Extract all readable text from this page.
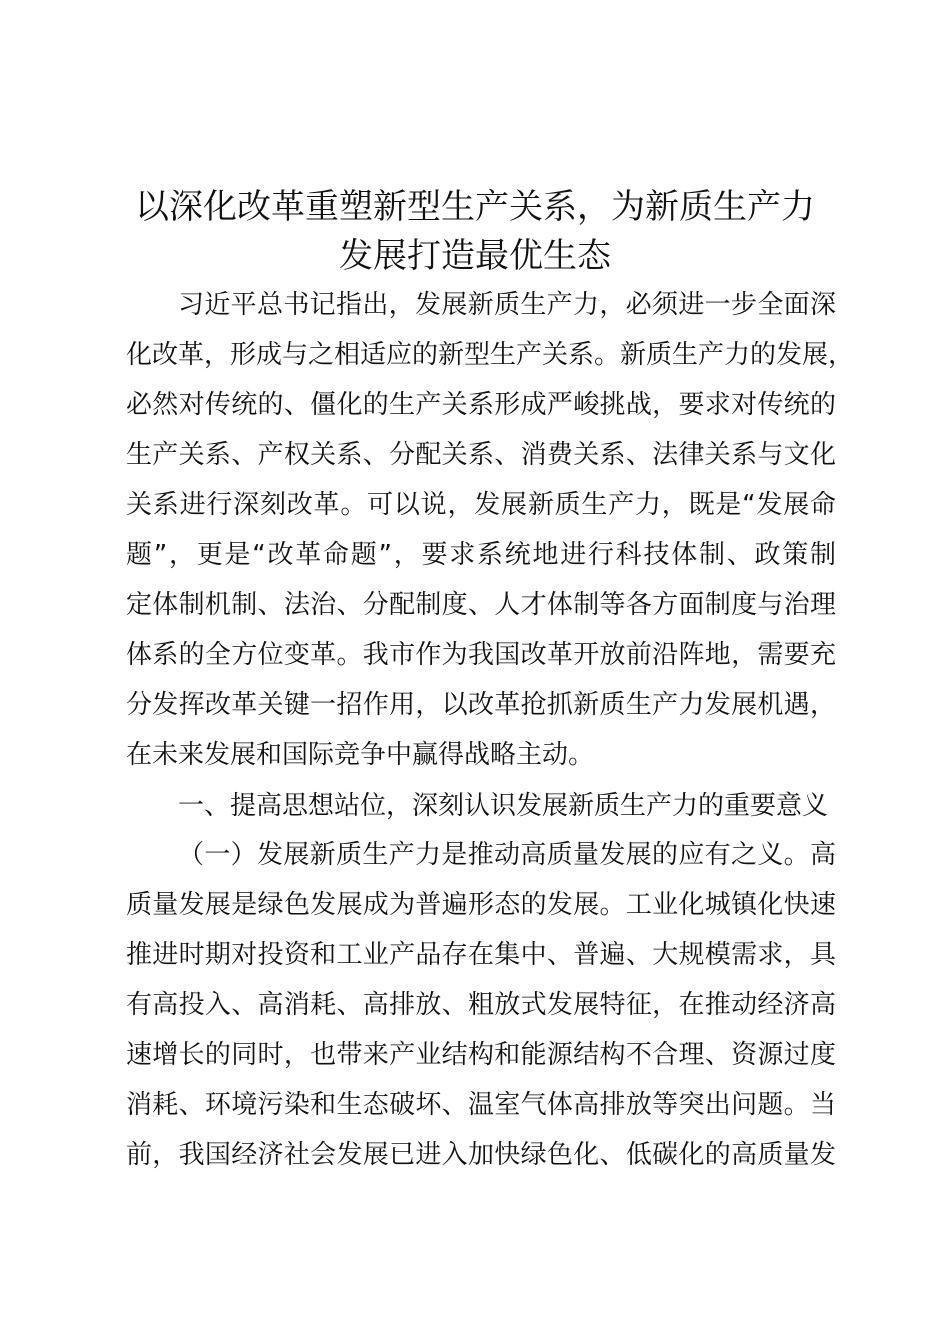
以深化改革重塑新型生产关系，为新质生产力
发展打造最优生态
习近平总书记指出，发展新质生产力，必须进一步全面深
化改革，形成与之相适应的新型生产关系。新质生产力的发展，
必然对传统的、僵化的生产关系形成严峻挑战，要求对传统的
生产关系、产权关系、分配关系、消费关系、法律关系与文化
关系进行深刻改革。可以说，发展新质生产力，既是“发展命
题”，更是“改革命题”，要求系统地进行科技体制、政策制
定体制机制、法治、分配制度、人才体制等各方面制度与治理
体系的全方位变革。我市作为我国改革开放前沿阵地，需要充
分发挥改革关键一招作用，以改革抢抓新质生产力发展机遇，
在未来发展和国际竞争中赢得战略主动。
一、提高思想站位，深刻认识发展新质生产力的重要意义
（一）发展新质生产力是推动高质量发展的应有之义。高
质量发展是绿色发展成为普遍形态的发展。工业化城镇化快速
推进时期对投资和工业产品存在集中、普遍、大规模需求，具
有高投入、高消耗、高排放、粗放式发展特征，在推动经济高
速增长的同时，也带来产业结构和能源结构不合理、资源过度
消耗、环境污染和生态破坏、温室气体高排放等突出问题。当
前，我国经济社会发展已进入加快绿色化、低碳化的高质量发
